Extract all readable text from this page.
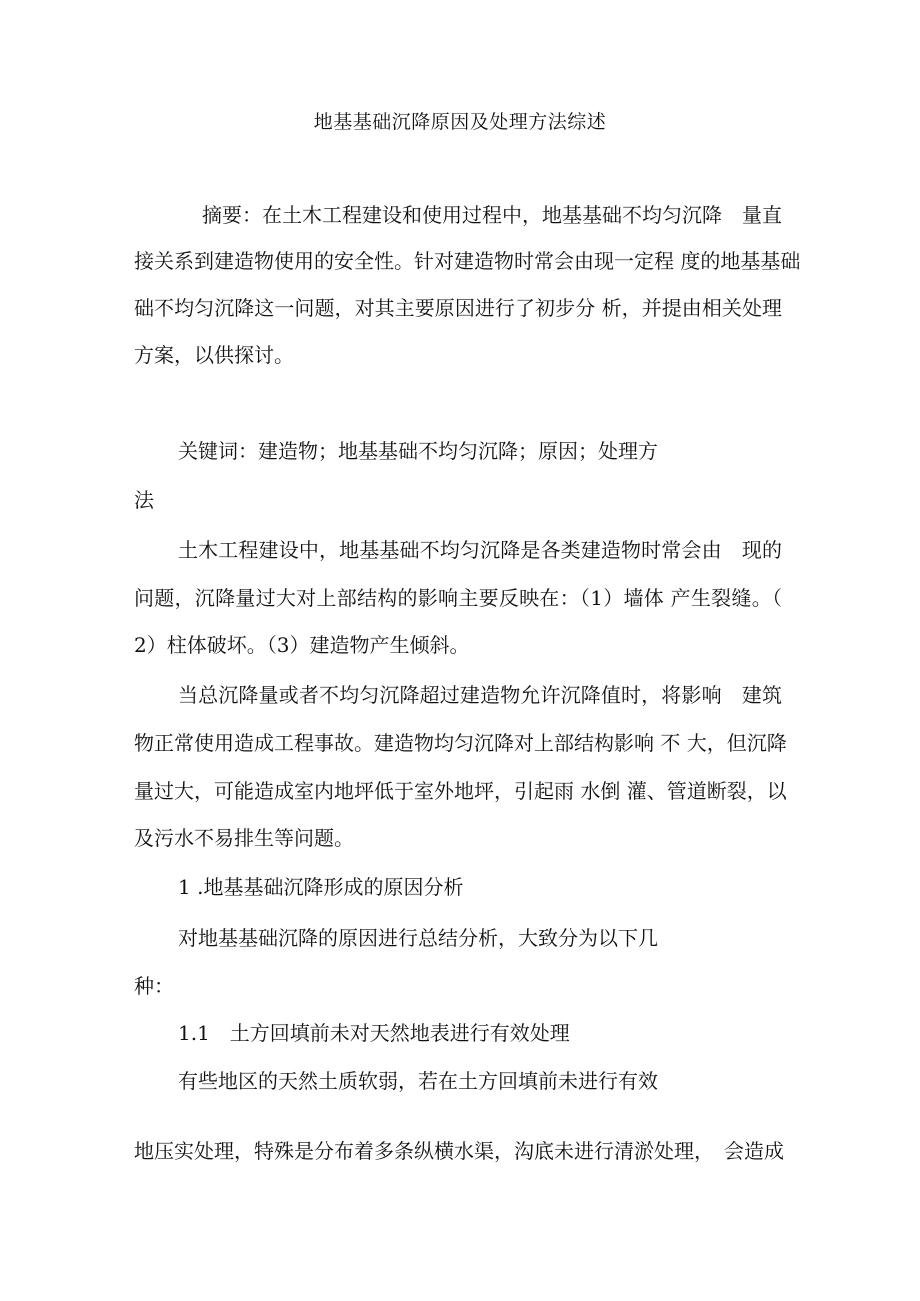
地基基础沉降原因及处理方法综述
摘要：在土木工程建设和使用过程中，地基基础不均匀沉降　量直
接关系到建造物使用的安全性。针对建造物时常会由现一定程 度的地基基础
础不均匀沉降这一问题，对其主要原因进行了初步分 析，并提由相关处理
方案，以供探讨。
关键词：建造物；地基基础不均匀沉降；原因；处理方
法
土木工程建设中，地基基础不均匀沉降是各类建造物时常会由　现的
问题，沉降量过大对上部结构的影响主要反映在：（1）墙体 产生裂缝。（
2）柱体破坏。（3）建造物产生倾斜。
当总沉降量或者不均匀沉降超过建造物允许沉降值时，将影响　建筑
物正常使用造成工程事故。建造物均匀沉降对上部结构影响 不 大，但沉降
量过大，可能造成室内地坪低于室外地坪，引起雨 水倒 灌、管道断裂，以
及污水不易排生等问题。
1 .地基基础沉降形成的原因分析
对地基基础沉降的原因进行总结分析，大致分为以下几
种：
1.1　土方回填前未对天然地表进行有效处理
有些地区的天然土质软弱，若在土方回填前未进行有效
地压实处理，特殊是分布着多条纵横水渠，沟底未进行清淤处理，　会造成
